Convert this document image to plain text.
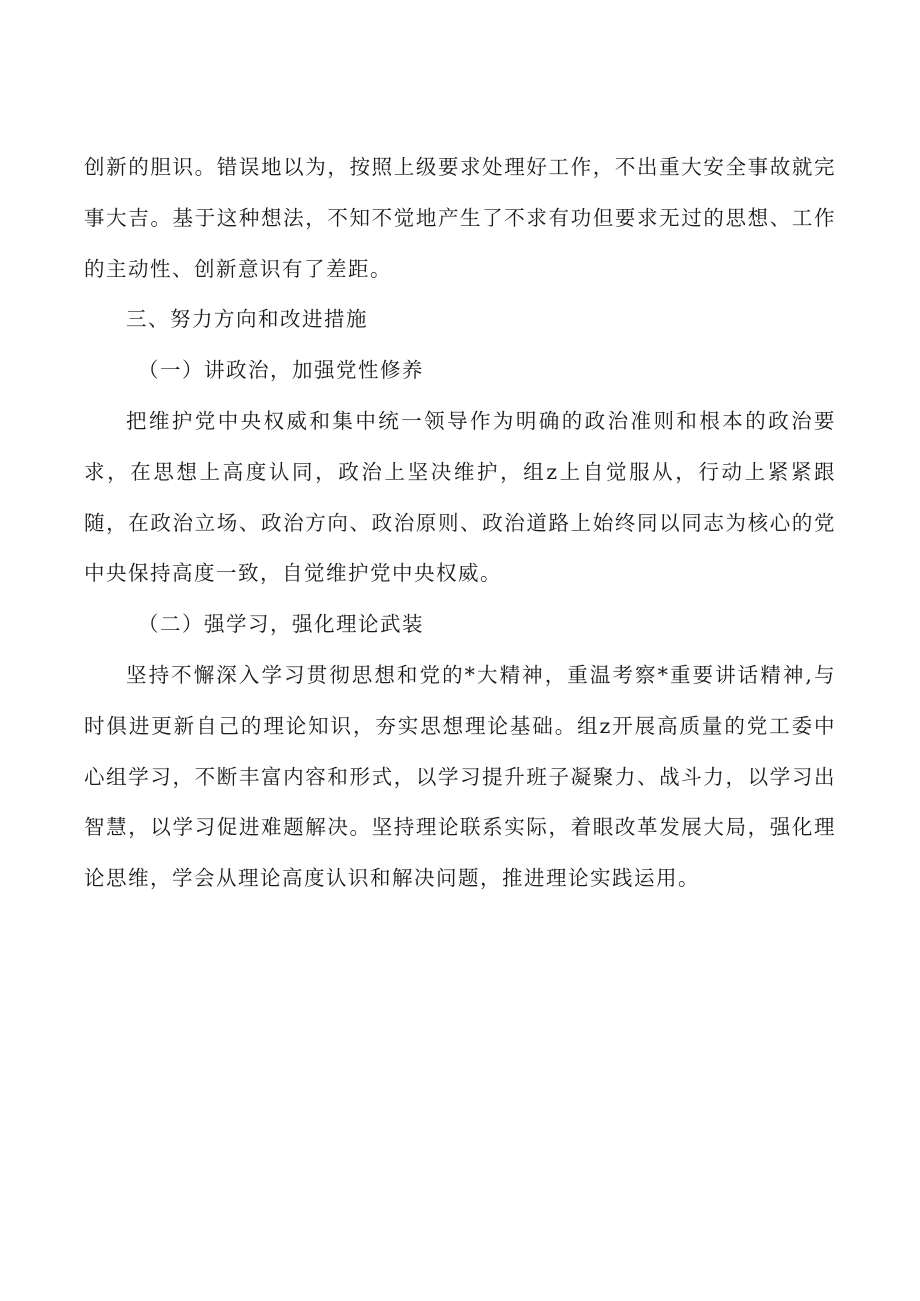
创新的胆识。错误地以为，按照上级要求处理好工作，不出重大安全事故就完事大吉。基于这种想法，不知不觉地产生了不求有功但要求无过的思想、工作的主动性、创新意识有了差距。

三、努力方向和改进措施

（一）讲政治，加强党性修养

把维护党中央权威和集中统一领导作为明确的政治准则和根本的政治要求，在思想上高度认同，政治上坚决维护，组z上自觉服从，行动上紧紧跟随，在政治立场、政治方向、政治原则、政治道路上始终同以同志为核心的党中央保持高度一致，自觉维护党中央权威。

（二）强学习，强化理论武装

坚持不懈深入学习贯彻思想和党的*大精神，重温考察*重要讲话精神,与时俱进更新自己的理论知识，夯实思想理论基础。组z开展高质量的党工委中心组学习，不断丰富内容和形式，以学习提升班子凝聚力、战斗力，以学习出智慧，以学习促进难题解决。坚持理论联系实际，着眼改革发展大局，强化理论思维，学会从理论高度认识和解决问题，推进理论实践运用。
